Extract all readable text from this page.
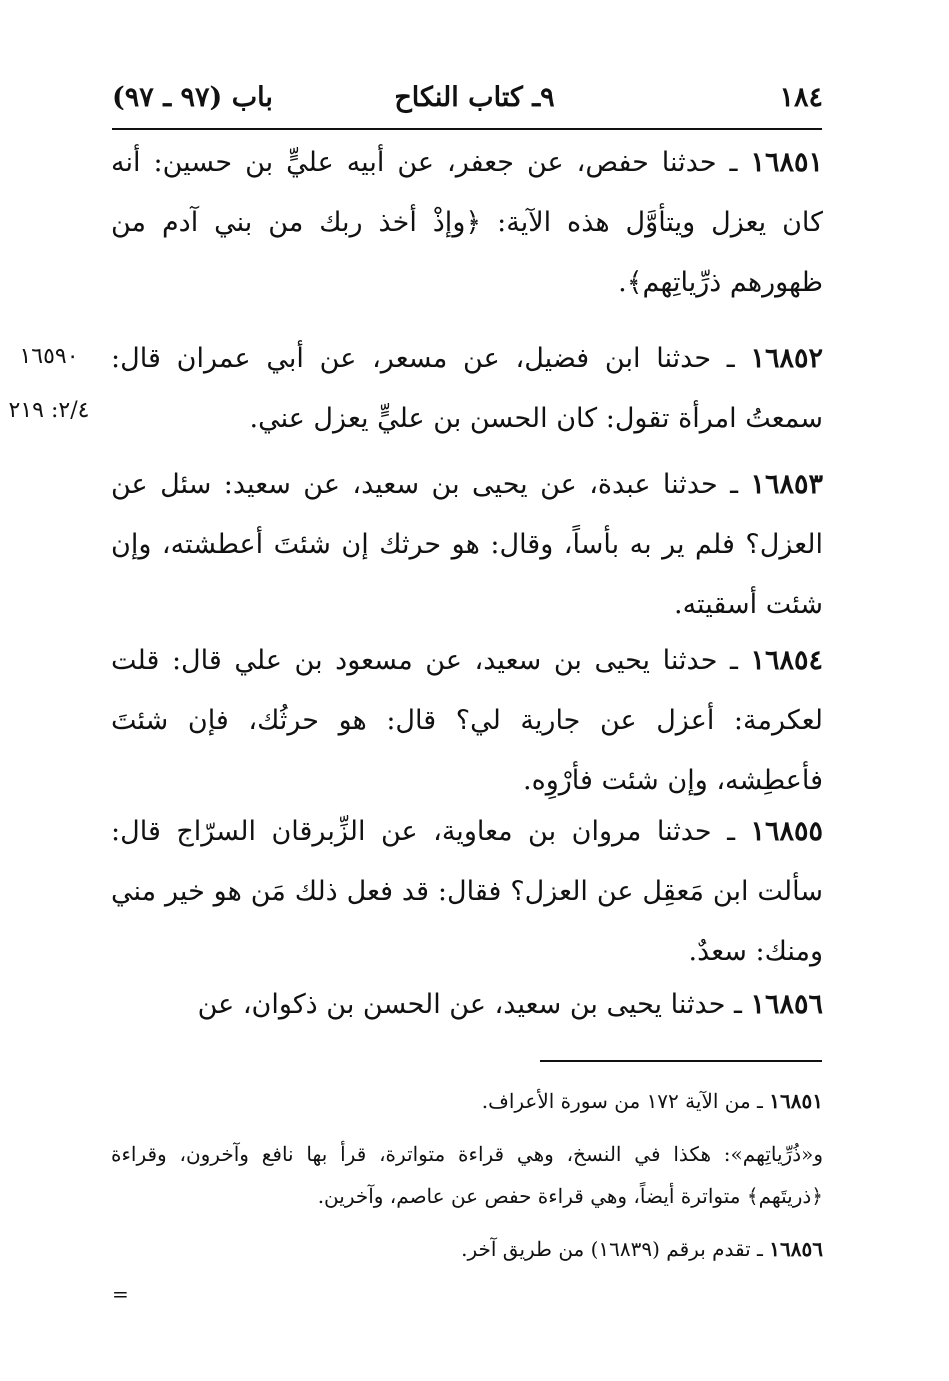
١٨٤
٩ـ كتاب النكاح
باب (٩٧ ـ ٩٧)

١٦٨٥١ ـ حدثنا حفص، عن جعفر، عن أبيه عليٍّ بن حسين: أنه كان يعزل ويتأوَّل هذه الآية: ﴿وإذْ أخذ ربك من بني آدم من ظهورهم ذرِّياتِهم﴾.

١٦٨٥٢ ـ حدثنا ابن فضيل، عن مسعر، عن أبي عمران قال: سمعتُ امرأة تقول: كان الحسن بن عليٍّ يعزل عني.

١٦٥٩٠
٢/٤: ٢١٩

١٦٨٥٣ ـ حدثنا عبدة، عن يحيى بن سعيد، عن سعيد: سئل عن العزل؟ فلم ير به بأساً، وقال: هو حرثك إن شئتَ أعطشته، وإن شئت أسقيته.

١٦٨٥٤ ـ حدثنا يحيى بن سعيد، عن مسعود بن علي قال: قلت لعكرمة: أعزل عن جارية لي؟ قال: هو حرثُك، فإن شئتَ فأعطِشه، وإن شئت فأرْوِه.

١٦٨٥٥ ـ حدثنا مروان بن معاوية، عن الزِّبرقان السرّاج قال: سألت ابن مَعقِل عن العزل؟ فقال: قد فعل ذلك مَن هو خير مني ومنك: سعدٌ.

١٦٨٥٦ ـ حدثنا يحيى بن سعيد، عن الحسن بن ذكوان، عن

١٦٨٥١ ـ من الآية ١٧٢ من سورة الأعراف.

و«ذُرِّياتِهم»: هكذا في النسخ، وهي قراءة متواترة، قرأ بها نافع وآخرون، وقراءة ﴿ذريتَهم﴾ متواترة أيضاً، وهي قراءة حفص عن عاصم، وآخرين.

١٦٨٥٦ ـ تقدم برقم (١٦٨٣٩) من طريق آخر.

=
